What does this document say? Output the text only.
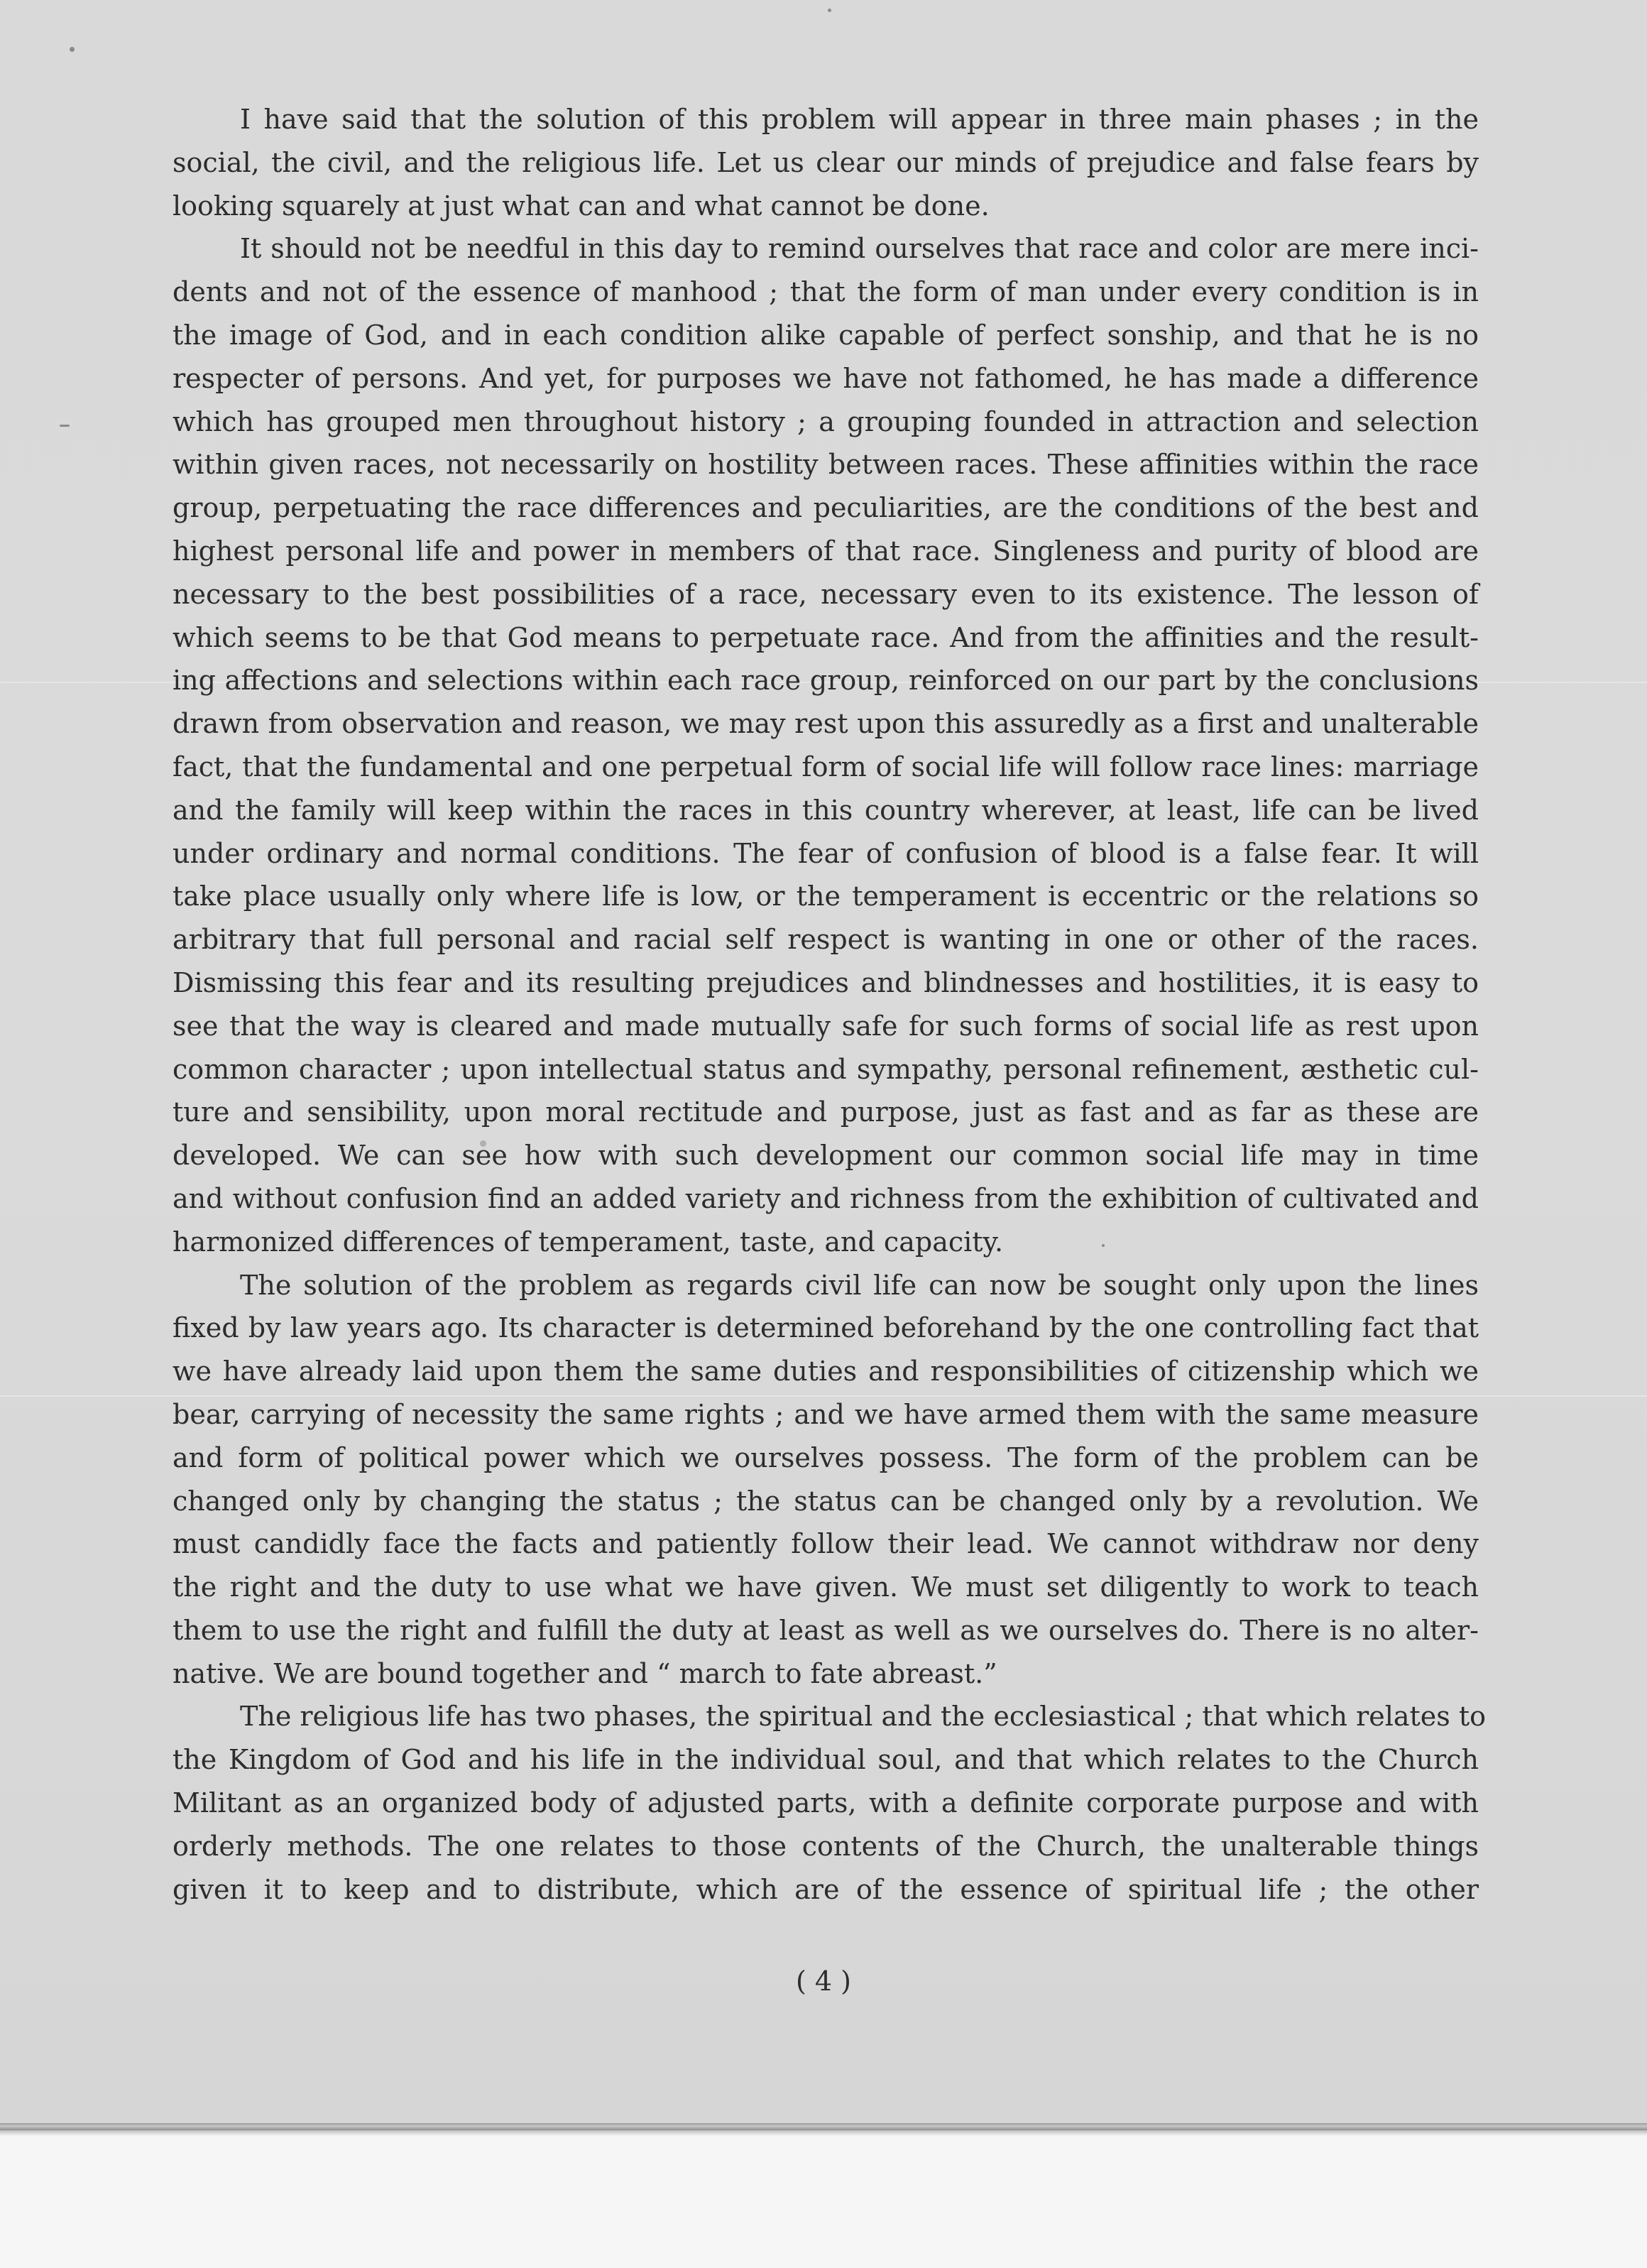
I have said that the solution of this problem will appear in three main phases ; in the
social, the civil, and the religious life. Let us clear our minds of prejudice and false fears by
looking squarely at just what can and what cannot be done.

It should not be needful in this day to remind ourselves that race and color are mere inci-
dents and not of the essence of manhood ; that the form of man under every condition is in
the image of God, and in each condition alike capable of perfect sonship, and that he is no
respecter of persons. And yet, for purposes we have not fathomed, he has made a difference
which has grouped men throughout history ; a grouping founded in attraction and selection
within given races, not necessarily on hostility between races. These affinities within the race
group, perpetuating the race differences and peculiarities, are the conditions of the best and
highest personal life and power in members of that race. Singleness and purity of blood are
necessary to the best possibilities of a race, necessary even to its existence. The lesson of
which seems to be that God means to perpetuate race. And from the affinities and the result-
ing affections and selections within each race group, reinforced on our part by the conclusions
drawn from observation and reason, we may rest upon this assuredly as a first and unalterable
fact, that the fundamental and one perpetual form of social life will follow race lines: marriage
and the family will keep within the races in this country wherever, at least, life can be lived
under ordinary and normal conditions. The fear of confusion of blood is a false fear. It will
take place usually only where life is low, or the temperament is eccentric or the relations so
arbitrary that full personal and racial self respect is wanting in one or other of the races.
Dismissing this fear and its resulting prejudices and blindnesses and hostilities, it is easy to
see that the way is cleared and made mutually safe for such forms of social life as rest upon
common character ; upon intellectual status and sympathy, personal refinement, æsthetic cul-
ture and sensibility, upon moral rectitude and purpose, just as fast and as far as these are
developed. We can see how with such development our common social life may in time
and without confusion find an added variety and richness from the exhibition of cultivated and
harmonized differences of temperament, taste, and capacity.

The solution of the problem as regards civil life can now be sought only upon the lines
fixed by law years ago. Its character is determined beforehand by the one controlling fact that
we have already laid upon them the same duties and responsibilities of citizenship which we
bear, carrying of necessity the same rights ; and we have armed them with the same measure
and form of political power which we ourselves possess. The form of the problem can be
changed only by changing the status ; the status can be changed only by a revolution. We
must candidly face the facts and patiently follow their lead. We cannot withdraw nor deny
the right and the duty to use what we have given. We must set diligently to work to teach
them to use the right and fulfill the duty at least as well as we ourselves do. There is no alter-
native. We are bound together and “ march to fate abreast.”

The religious life has two phases, the spiritual and the ecclesiastical ; that which relates to
the Kingdom of God and his life in the individual soul, and that which relates to the Church
Militant as an organized body of adjusted parts, with a definite corporate purpose and with
orderly methods. The one relates to those contents of the Church, the unalterable things
given it to keep and to distribute, which are of the essence of spiritual life ; the other

( 4 )
